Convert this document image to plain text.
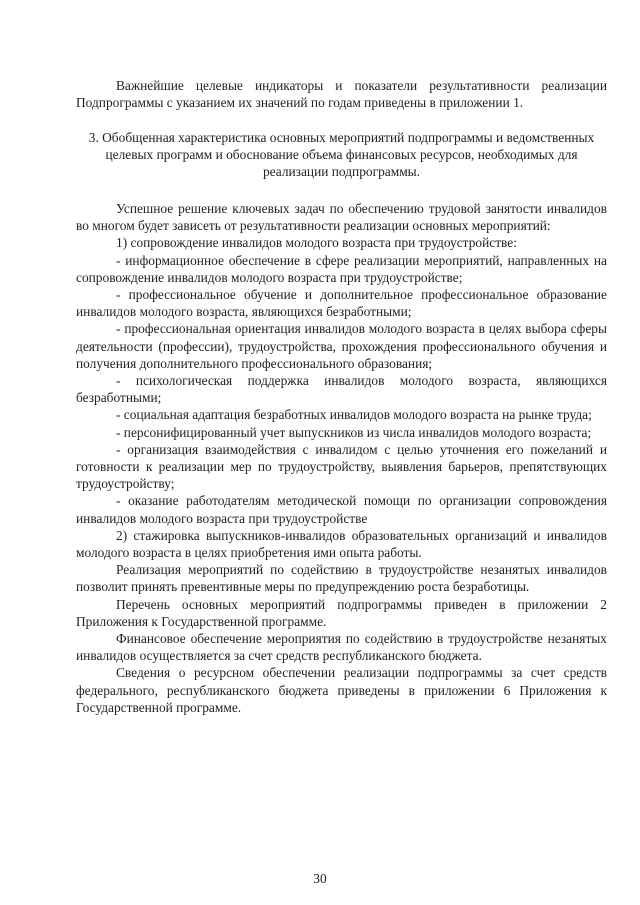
Важнейшие целевые индикаторы и показатели результативности реализации Подпрограммы с указанием их значений по годам приведены в приложении 1.

3. Обобщенная характеристика основных мероприятий подпрограммы и ведомственных целевых программ и обоснование объема финансовых ресурсов, необходимых для реализации подпрограммы.

Успешное решение ключевых задач по обеспечению трудовой занятости инвалидов во многом будет зависеть от результативности реализации основных мероприятий:

1) сопровождение инвалидов молодого возраста при трудоустройстве:

- информационное обеспечение в сфере реализации мероприятий, направленных на сопровождение инвалидов молодого возраста при трудоустройстве;

- профессиональное обучение и дополнительное профессиональное образование инвалидов молодого возраста, являющихся безработными;

- профессиональная ориентация инвалидов молодого возраста в целях выбора сферы деятельности (профессии), трудоустройства, прохождения профессионального обучения и получения дополнительного профессионального образования;

- психологическая поддержка инвалидов молодого возраста, являющихся безработными;

- социальная адаптация безработных инвалидов молодого возраста на рынке труда;

- персонифицированный учет выпускников из числа инвалидов молодого возраста;

- организация взаимодействия с инвалидом с целью уточнения его пожеланий и готовности к реализации мер по трудоустройству, выявления барьеров, препятствующих трудоустройству;

- оказание работодателям методической помощи по организации сопровождения инвалидов молодого возраста при трудоустройстве

2) стажировка выпускников-инвалидов образовательных организаций и инвалидов молодого возраста в целях приобретения ими опыта работы.

Реализация мероприятий по содействию в трудоустройстве незанятых инвалидов позволит принять превентивные меры по предупреждению роста безработицы.

Перечень основных мероприятий подпрограммы приведен в приложении 2 Приложения к Государственной программе.

Финансовое обеспечение мероприятия по содействию в трудоустройстве незанятых инвалидов осуществляется за счет средств республиканского бюджета.

Сведения о ресурсном обеспечении реализации подпрограммы за счет средств федерального, республиканского бюджета приведены в приложении 6 Приложения к Государственной программе.

30
